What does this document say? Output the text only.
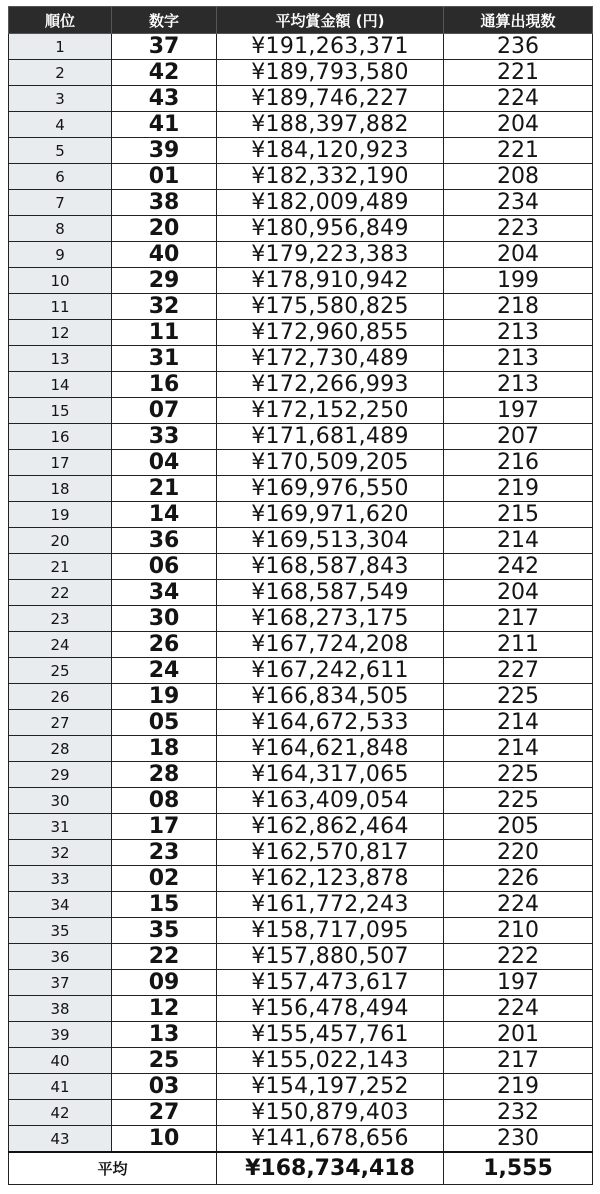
順位	数字	平均賞金額 (円)	通算出現数
1	37	¥191,263,371	236
2	42	¥189,793,580	221
3	43	¥189,746,227	224
4	41	¥188,397,882	204
5	39	¥184,120,923	221
6	01	¥182,332,190	208
7	38	¥182,009,489	234
8	20	¥180,956,849	223
9	40	¥179,223,383	204
10	29	¥178,910,942	199
11	32	¥175,580,825	218
12	11	¥172,960,855	213
13	31	¥172,730,489	213
14	16	¥172,266,993	213
15	07	¥172,152,250	197
16	33	¥171,681,489	207
17	04	¥170,509,205	216
18	21	¥169,976,550	219
19	14	¥169,971,620	215
20	36	¥169,513,304	214
21	06	¥168,587,843	242
22	34	¥168,587,549	204
23	30	¥168,273,175	217
24	26	¥167,724,208	211
25	24	¥167,242,611	227
26	19	¥166,834,505	225
27	05	¥164,672,533	214
28	18	¥164,621,848	214
29	28	¥164,317,065	225
30	08	¥163,409,054	225
31	17	¥162,862,464	205
32	23	¥162,570,817	220
33	02	¥162,123,878	226
34	15	¥161,772,243	224
35	35	¥158,717,095	210
36	22	¥157,880,507	222
37	09	¥157,473,617	197
38	12	¥156,478,494	224
39	13	¥155,457,761	201
40	25	¥155,022,143	217
41	03	¥154,197,252	219
42	27	¥150,879,403	232
43	10	¥141,678,656	230
平均		¥168,734,418	1,555
